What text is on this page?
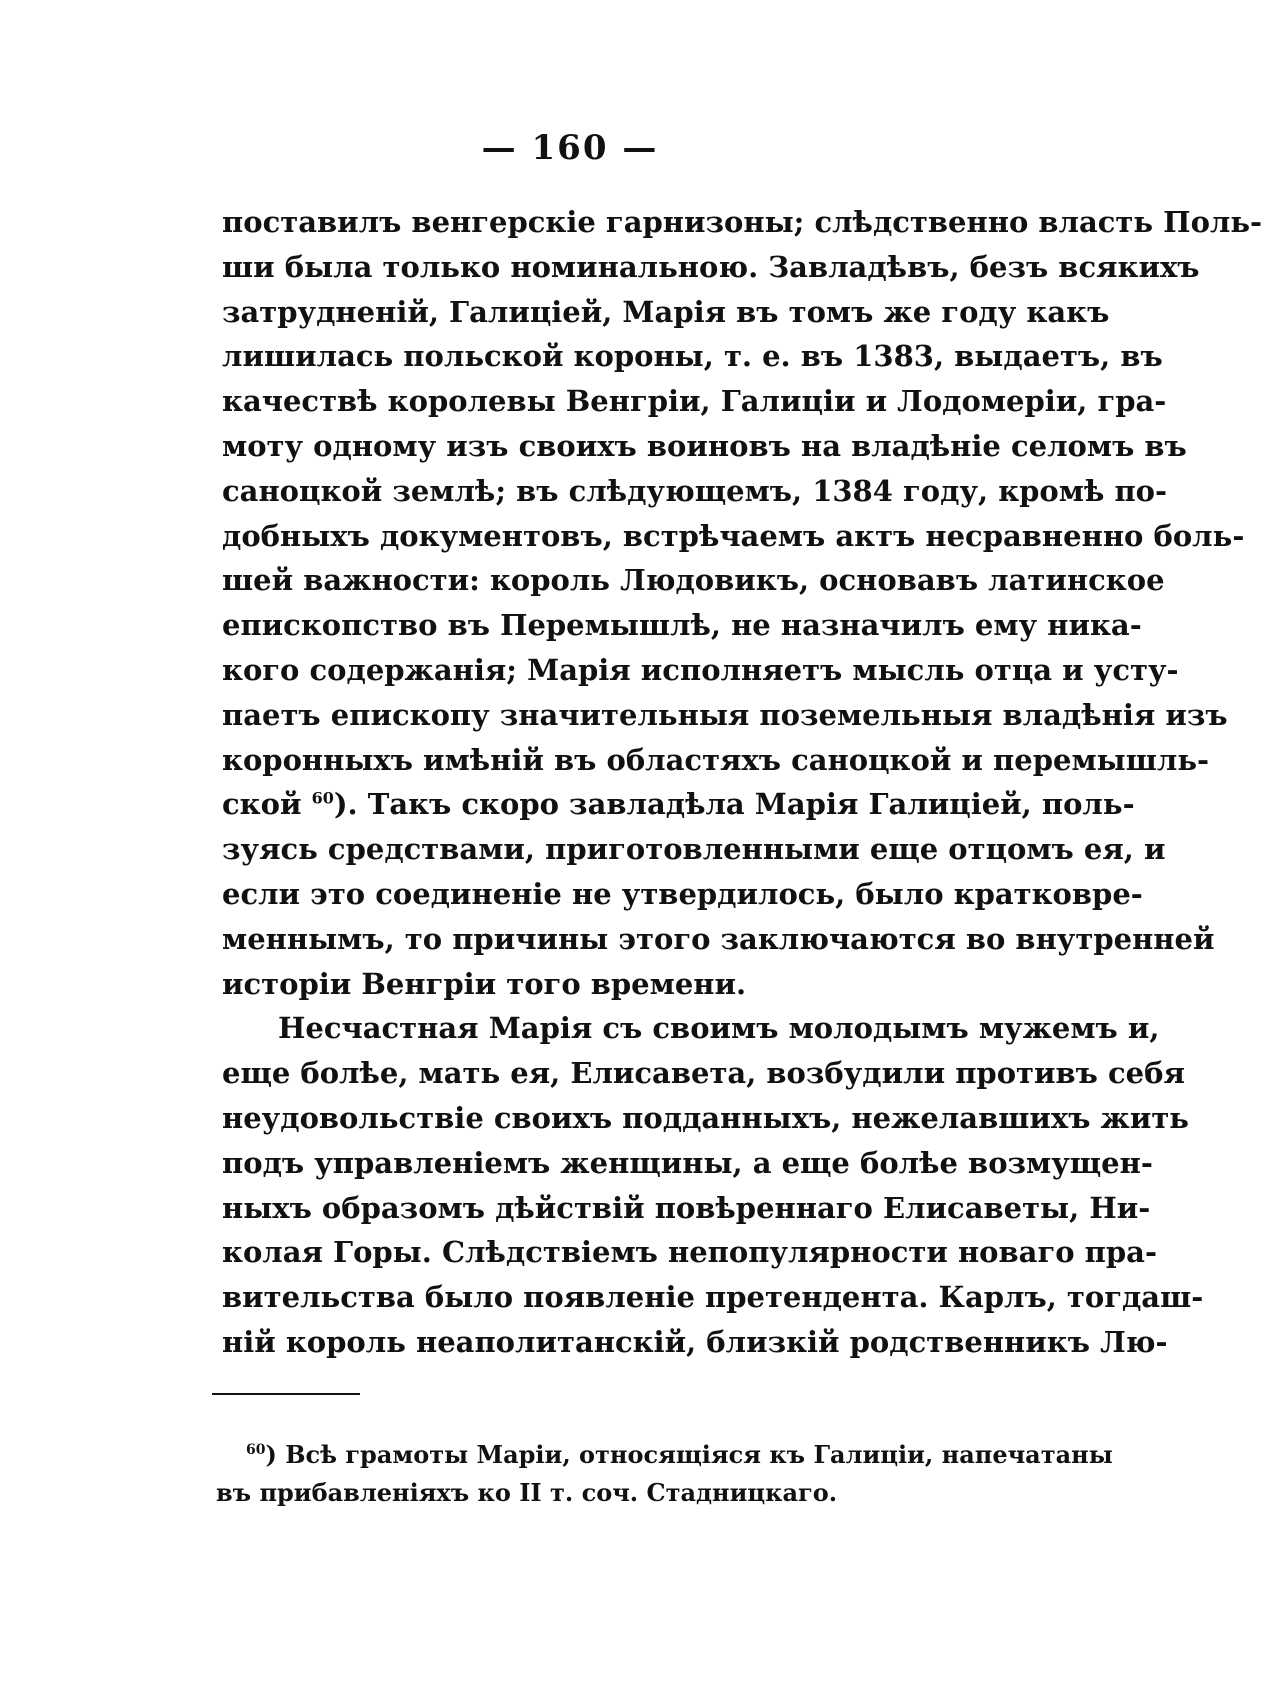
— 160 —
поставилъ венгерскіе гарнизоны; слѣдственно власть Поль-
ши была только номинальною. Завладѣвъ, безъ всякихъ
затрудненій, Галиціей, Марія въ томъ же году какъ
лишилась польской короны, т. е. въ 1383, выдаетъ, въ
качествѣ королевы Венгріи, Галиціи и Лодомеріи, гра-
моту одному изъ своихъ воиновъ на владѣніе селомъ въ
саноцкой землѣ; въ слѣдующемъ, 1384 году, кромѣ по-
добныхъ документовъ, встрѣчаемъ актъ несравненно боль-
шей важности: король Людовикъ, основавъ латинское
епископство въ Перемышлѣ, не назначилъ ему ника-
кого содержанія; Марія исполняетъ мысль отца и усту-
паетъ епископу значительныя поземельныя владѣнія изъ
коронныхъ имѣній въ областяхъ саноцкой и перемышль-
ской $^{60}$). Такъ скоро завладѣла Марія Галиціей, поль-
зуясь средствами, приготовленными еще отцомъ ея, и
если это соединеніе не утвердилось, было кратковре-
меннымъ, то причины этого заключаются во внутренней
исторіи Венгріи того времени.
Несчастная Марія съ своимъ молодымъ мужемъ и,
еще болѣе, мать ея, Елисавета, возбудили противъ себя
неудовольствіе своихъ подданныхъ, нежелавшихъ жить
подъ управленіемъ женщины, а еще болѣе возмущен-
ныхъ образомъ дѣйствій повѣреннаго Елисаветы, Ни-
колая Горы. Слѣдствіемъ непопулярности новаго пра-
вительства было появленіе претендента. Карлъ, тогдаш-
ній король неаполитанскій, близкій родственникъ Лю-
$^{60}$) Всѣ грамоты Маріи, относящіяся къ Галиціи, напечатаны
въ прибавленіяхъ ко II т. соч. Стадницкаго.
